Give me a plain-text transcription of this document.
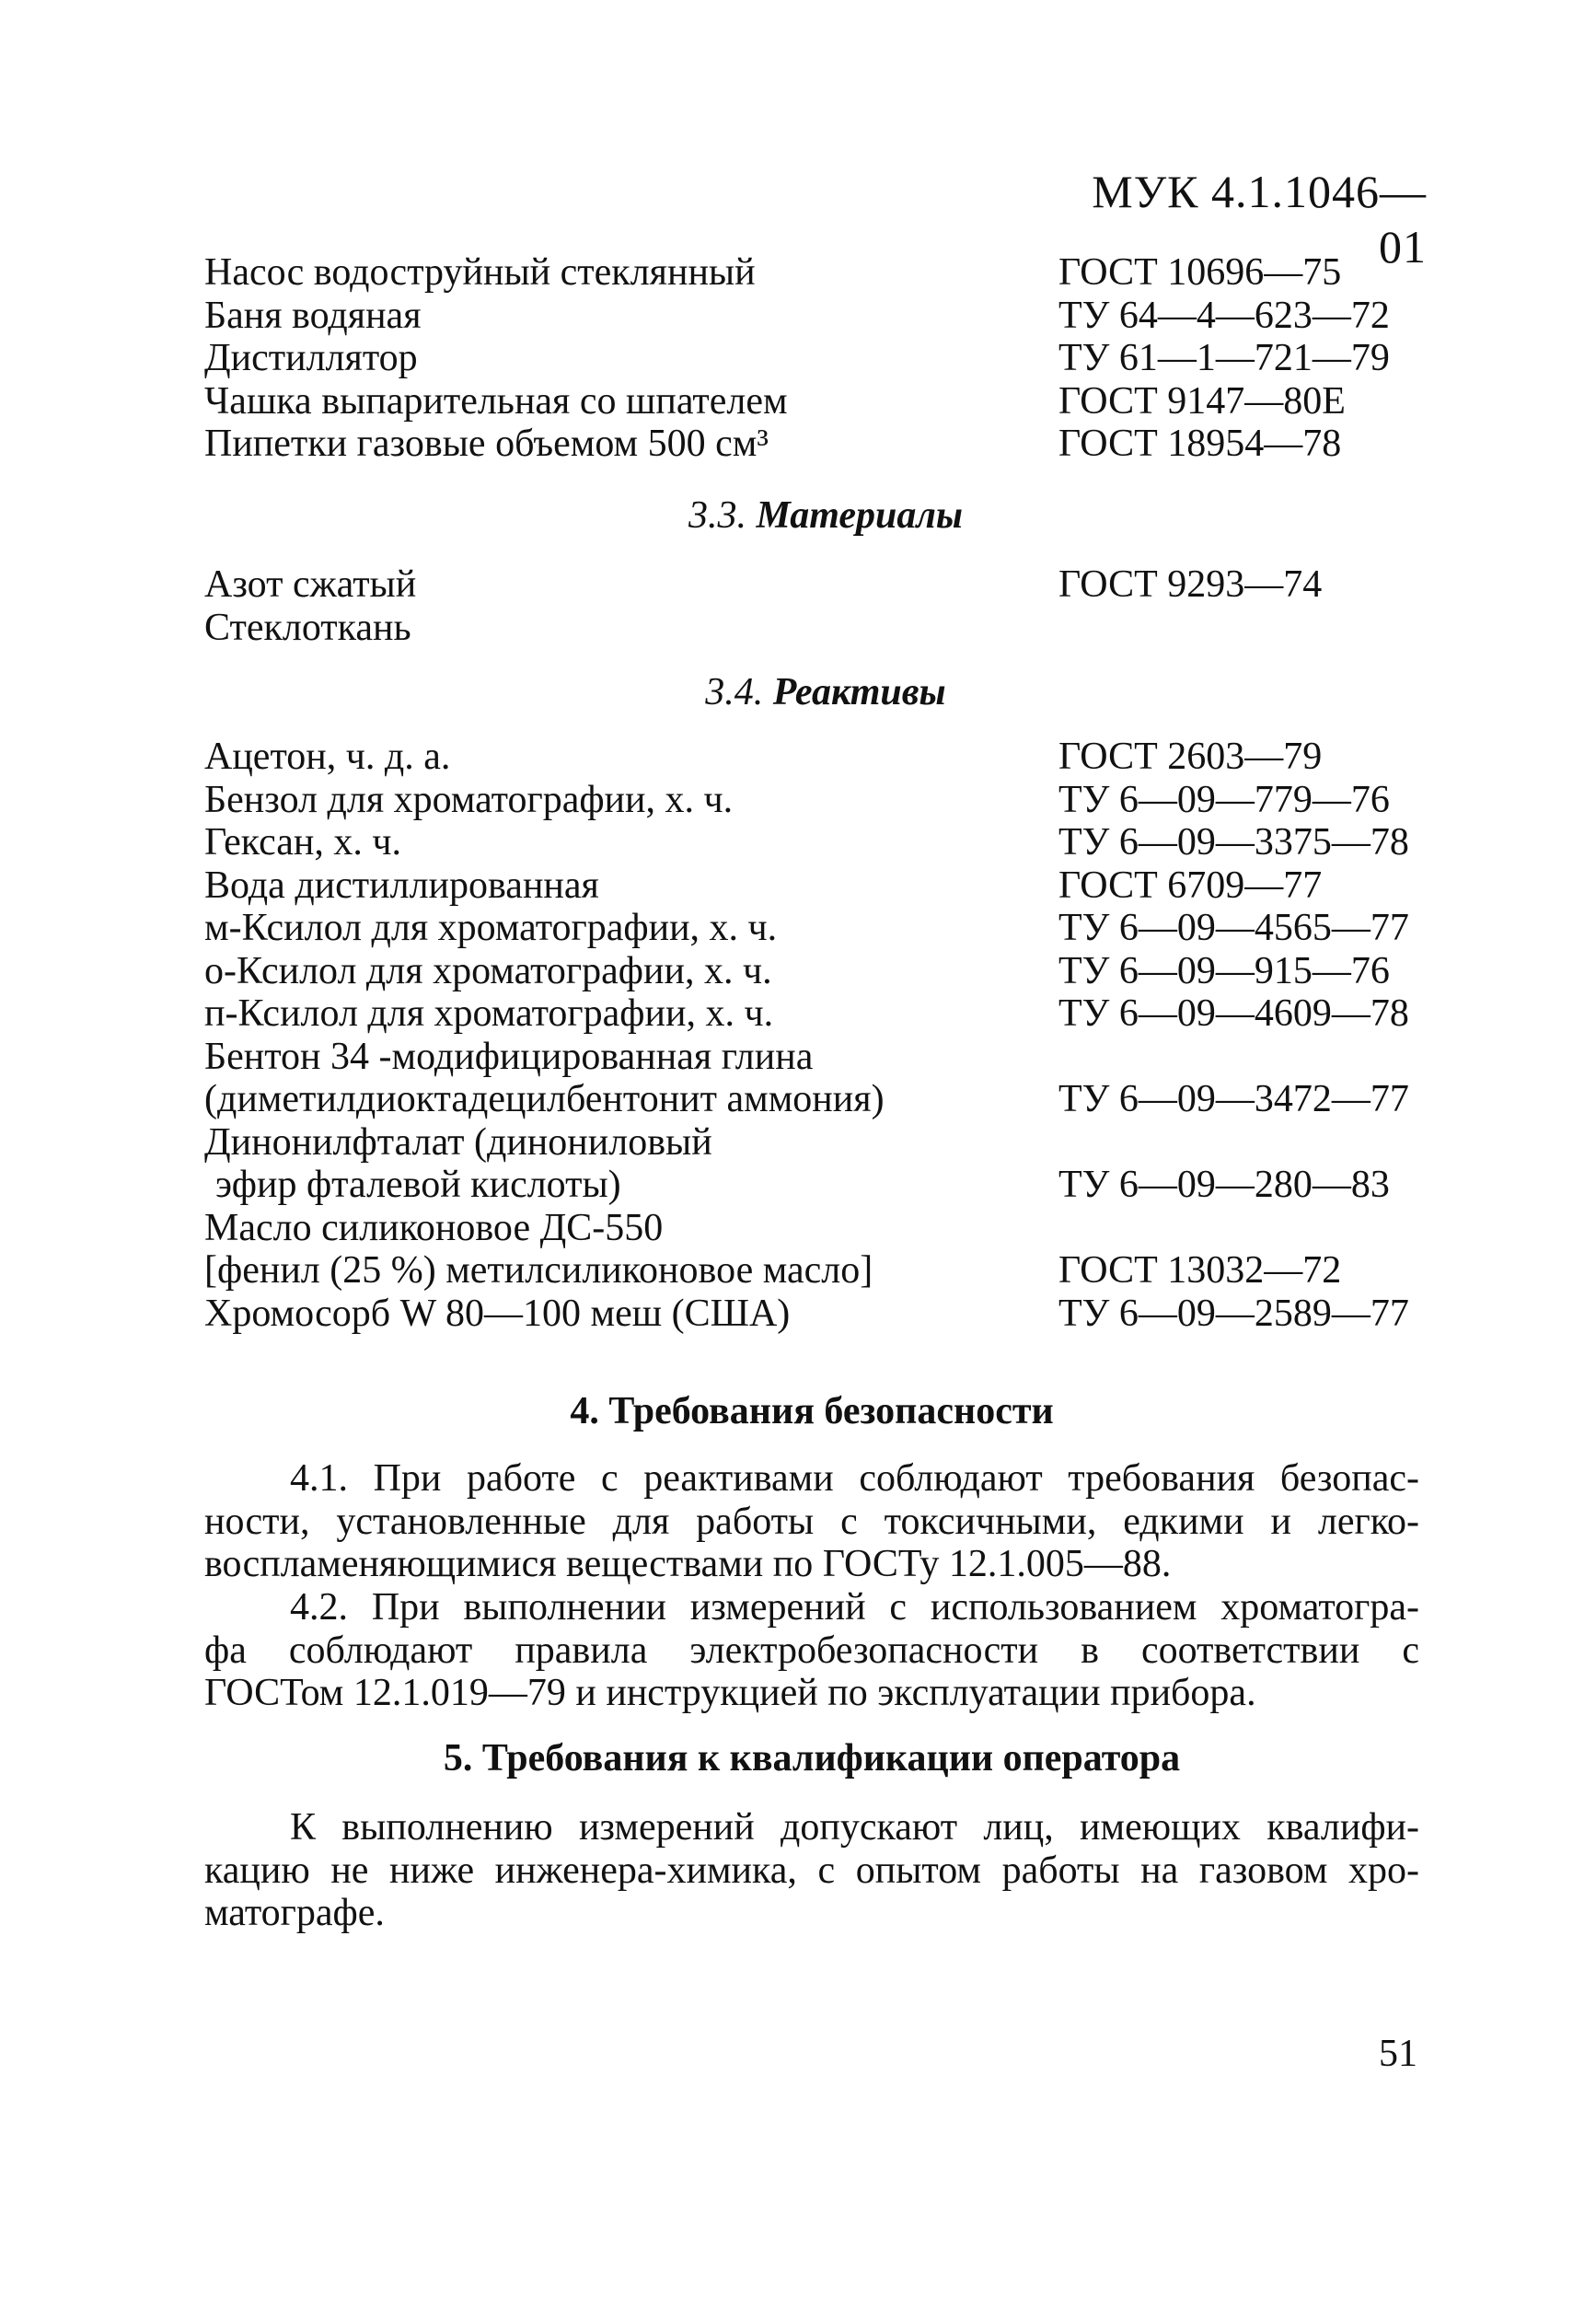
МУК 4.1.1046—01
Насос водоструйный стеклянный	ГОСТ 10696—75
Баня водяная	ТУ 64—4—623—72
Дистиллятор	ТУ 61—1—721—79
Чашка выпарительная со шпателем	ГОСТ 9147—80Е
Пипетки газовые объемом 500 см³	ГОСТ 18954—78
3.3. Материалы
Азот сжатый	ГОСТ 9293—74
Стеклоткань
3.4. Реактивы
Ацетон, ч. д. а.	ГОСТ 2603—79
Бензол для хроматографии, х. ч.	ТУ 6—09—779—76
Гексан, х. ч.	ТУ 6—09—3375—78
Вода дистиллированная	ГОСТ 6709—77
м-Ксилол для хроматографии, х. ч.	ТУ 6—09—4565—77
о-Ксилол для хроматографии, х. ч.	ТУ 6—09—915—76
п-Ксилол для хроматографии, х. ч.	ТУ 6—09—4609—78
Бентон 34 -модифицированная глина
(диметилдиоктадецилбентонит аммония)	ТУ 6—09—3472—77
Динонилфталат (динониловый
эфир фталевой кислоты)	ТУ 6—09—280—83
Масло силиконовое ДС-550
[фенил (25 %) метилсиликоновое масло]	ГОСТ 13032—72
Хромосорб W 80—100 меш (США)	ТУ 6—09—2589—77
4. Требования безопасности
4.1. При работе с реактивами соблюдают требования безопас-
ности, установленные для работы с токсичными, едкими и легко-
воспламеняющимися веществами по ГОСТу 12.1.005—88.
4.2. При выполнении измерений с использованием хроматогра-
фа соблюдают правила электробезопасности в соответствии с
ГОСТом 12.1.019—79 и инструкцией по эксплуатации прибора.
5. Требования к квалификации оператора
К выполнению измерений допускают лиц, имеющих квалифи-
кацию не ниже инженера-химика, с опытом работы на газовом хро-
матографе.
51
